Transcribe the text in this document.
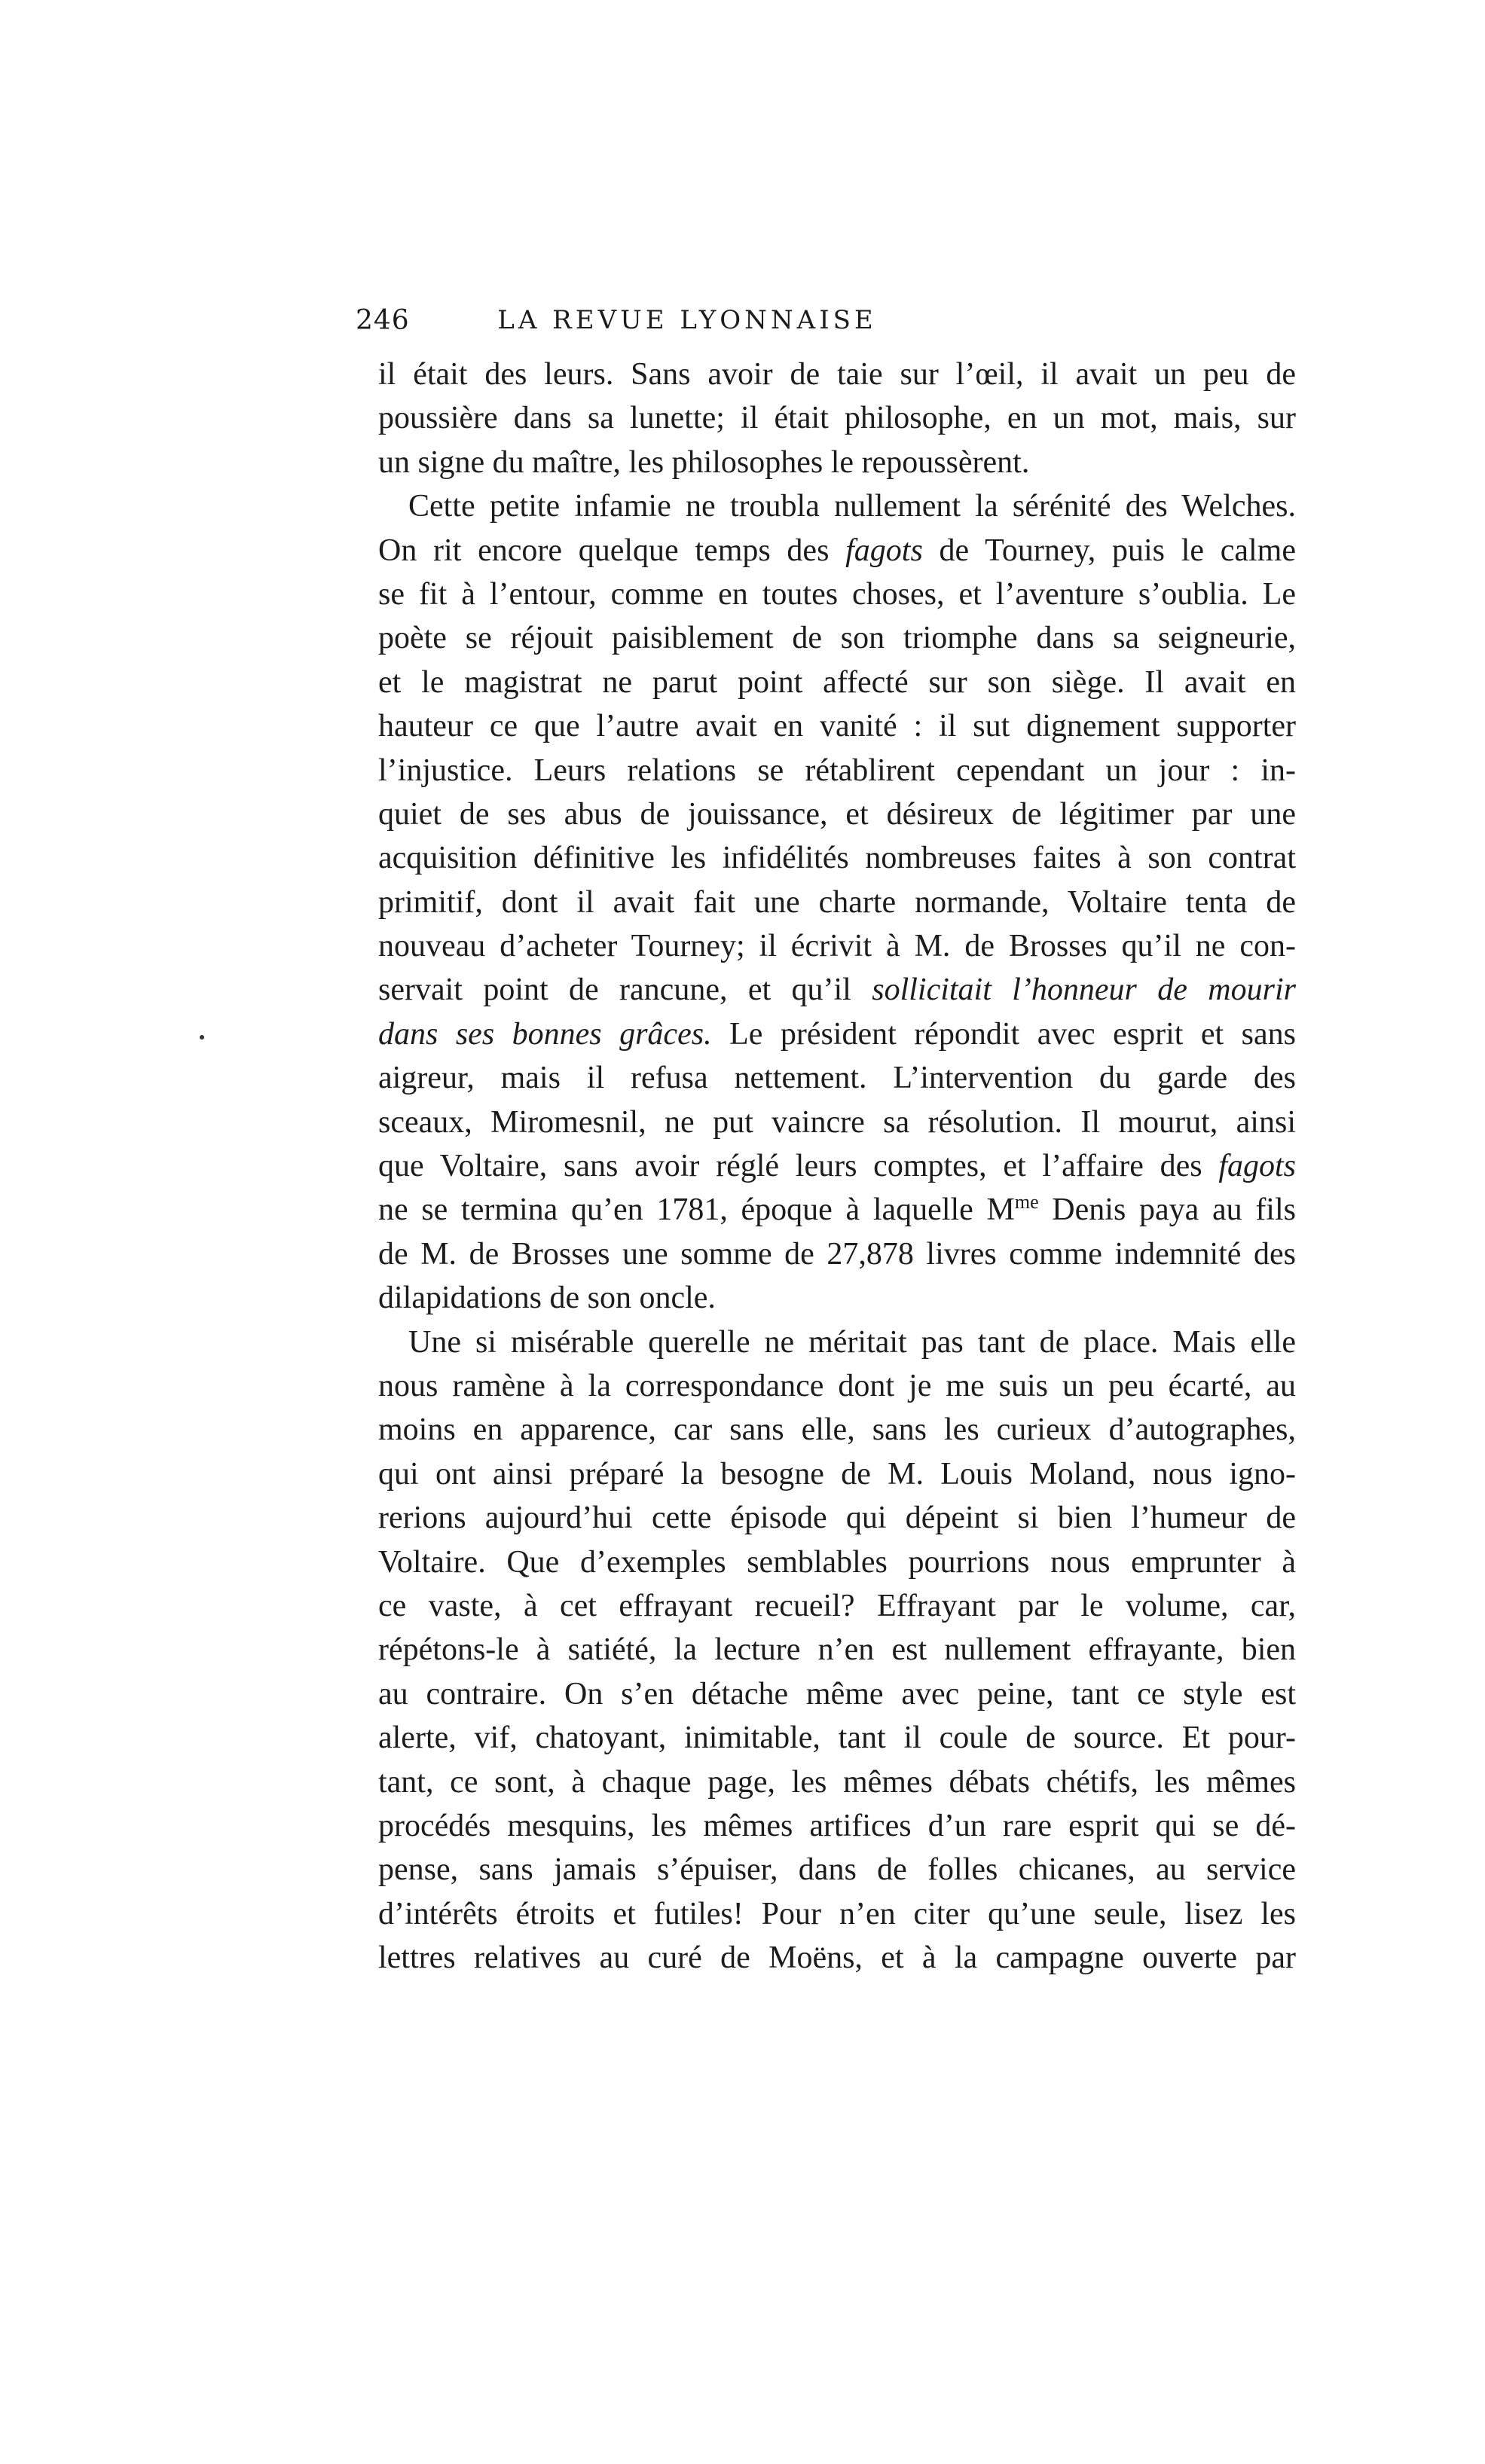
246	LA REVUE LYONNAISE
il était des leurs. Sans avoir de taie sur l’œil, il avait un peu de
poussière dans sa lunette; il était philosophe, en un mot, mais, sur
un signe du maître, les philosophes le repoussèrent.
Cette petite infamie ne troubla nullement la sérénité des Welches.
On rit encore quelque temps des fagots de Tourney, puis le calme
se fit à l’entour, comme en toutes choses, et l’aventure s’oublia. Le
poète se réjouit paisiblement de son triomphe dans sa seigneurie,
et le magistrat ne parut point affecté sur son siège. Il avait en
hauteur ce que l’autre avait en vanité : il sut dignement supporter
l’injustice. Leurs relations se rétablirent cependant un jour : in-
quiet de ses abus de jouissance, et désireux de légitimer par une
acquisition définitive les infidélités nombreuses faites à son contrat
primitif, dont il avait fait une charte normande, Voltaire tenta de
nouveau d’acheter Tourney; il écrivit à M. de Brosses qu’il ne con-
servait point de rancune, et qu’il sollicitait l’honneur de mourir
dans ses bonnes grâces. Le président répondit avec esprit et sans
aigreur, mais il refusa nettement. L’intervention du garde des
sceaux, Miromesnil, ne put vaincre sa résolution. Il mourut, ainsi
que Voltaire, sans avoir réglé leurs comptes, et l’affaire des fagots
ne se termina qu’en 1781, époque à laquelle $M^{me}$ Denis paya au fils
de M. de Brosses une somme de 27,878 livres comme indemnité des
dilapidations de son oncle.
Une si misérable querelle ne méritait pas tant de place. Mais elle
nous ramène à la correspondance dont je me suis un peu écarté, au
moins en apparence, car sans elle, sans les curieux d’autographes,
qui ont ainsi préparé la besogne de M. Louis Moland, nous igno-
rerions aujourd’hui cette épisode qui dépeint si bien l’humeur de
Voltaire. Que d’exemples semblables pourrions nous emprunter à
ce vaste, à cet effrayant recueil? Effrayant par le volume, car,
répétons-le à satiété, la lecture n’en est nullement effrayante, bien
au contraire. On s’en détache même avec peine, tant ce style est
alerte, vif, chatoyant, inimitable, tant il coule de source. Et pour-
tant, ce sont, à chaque page, les mêmes débats chétifs, les mêmes
procédés mesquins, les mêmes artifices d’un rare esprit qui se dé-
pense, sans jamais s’épuiser, dans de folles chicanes, au service
d’intérêts étroits et futiles! Pour n’en citer qu’une seule, lisez les
lettres relatives au curé de Moëns, et à la campagne ouverte par
